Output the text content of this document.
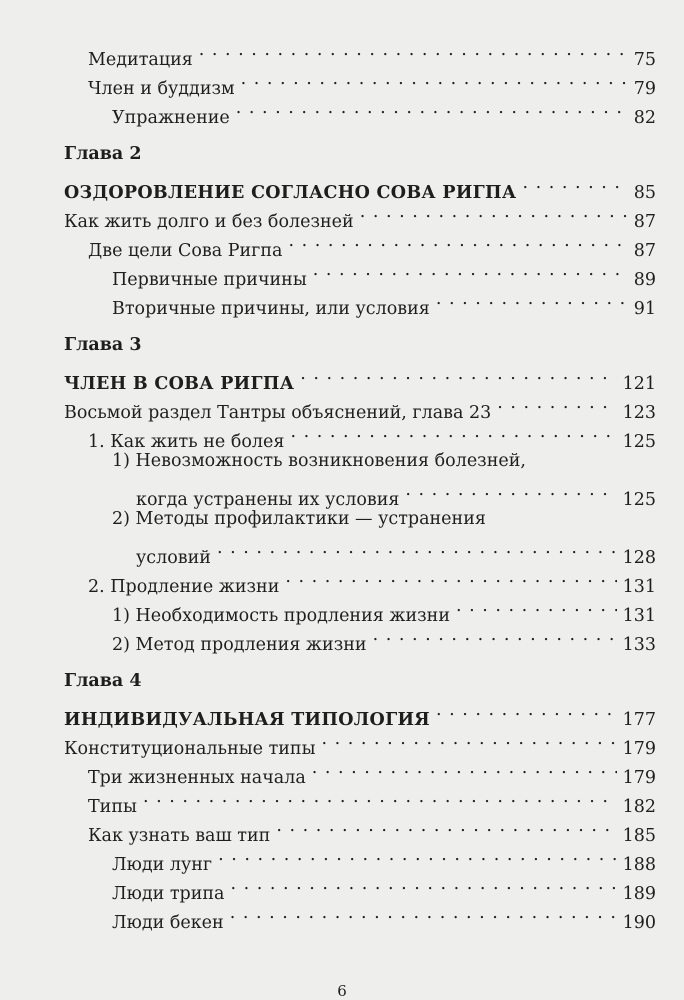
Медитация . . .	75
Член и буддизм . . .	79
Упражнение . . .	82
Глава 2
ОЗДОРОВЛЕНИЕ СОГЛАСНО СОВА РИГПА . . .	85
Как жить долго и без болезней . . .	87
Две цели Сова Ригпа . . .	87
Первичные причины . . .	89
Вторичные причины, или условия . . .	91
Глава 3
ЧЛЕН В СОВА РИГПА . . .	121
Восьмой раздел Тантры объяснений, глава 23 . . .	123
1. Как жить не болея . . .	125
1) Невозможность возникновения болезней,
когда устранены их условия . . .	125
2) Методы профилактики — устранения
условий . . .	128
2. Продление жизни . . .	131
1) Необходимость продления жизни . . .	131
2) Метод продления жизни . . .	133
Глава 4
ИНДИВИДУАЛЬНАЯ ТИПОЛОГИЯ . . .	177
Конституциональные типы . . .	179
Три жизненных начала . . .	179
Типы . . .	182
Как узнать ваш тип . . .	185
Люди лунг . . .	188
Люди трипа . . .	189
Люди бекен . . .	190
6
